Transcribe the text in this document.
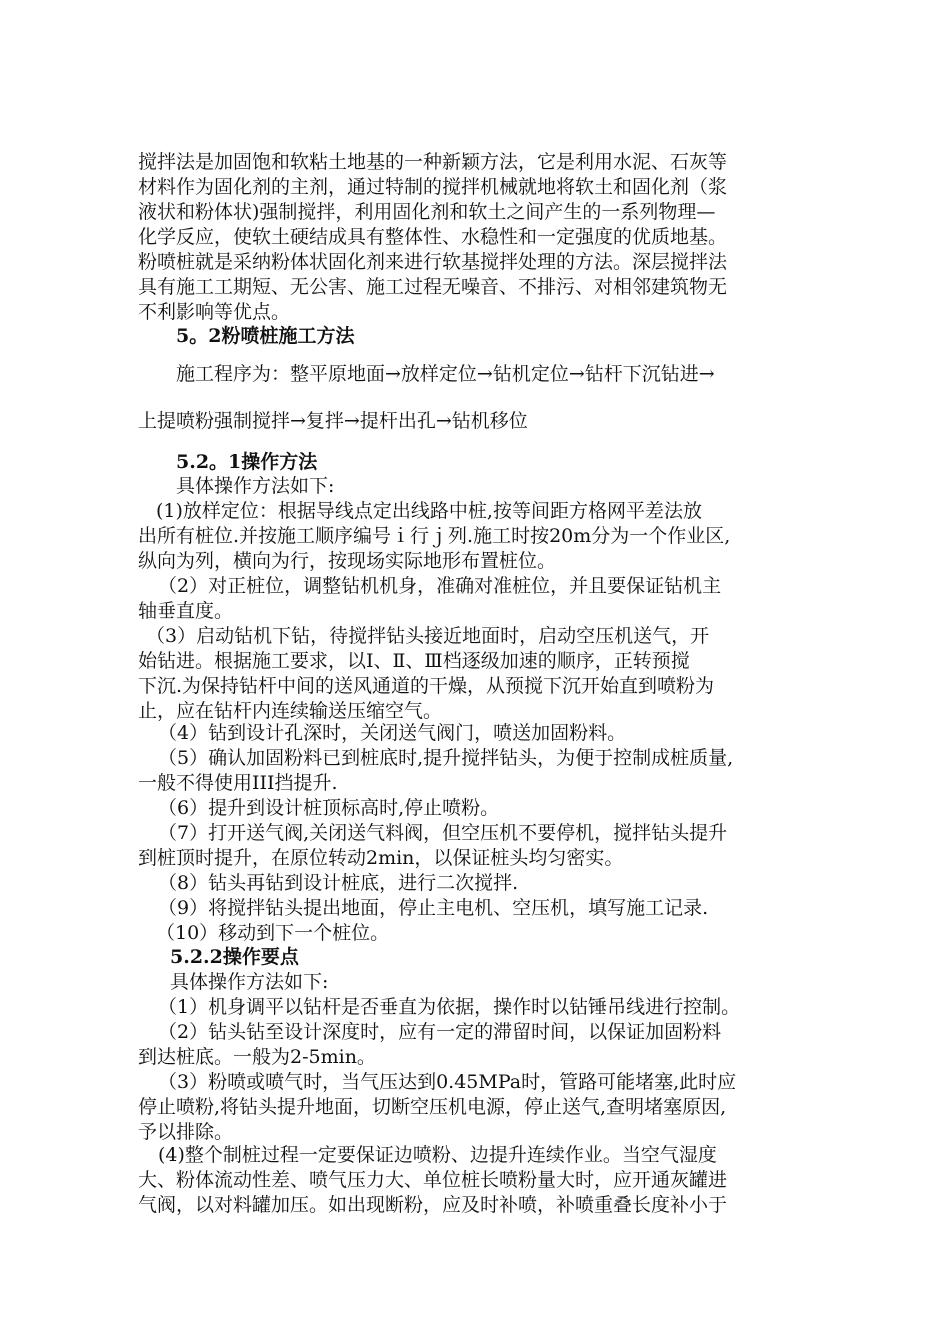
搅拌法是加固饱和软粘土地基的一种新颖方法，它是利用水泥、石灰等
材料作为固化剂的主剂，通过特制的搅拌机械就地将软土和固化剂（浆
液状和粉体状)强制搅拌，利用固化剂和软土之间产生的一系列物理—
化学反应，使软土硬结成具有整体性、水稳性和一定强度的优质地基。
粉喷桩就是采纳粉体状固化剂来进行软基搅拌处理的方法。深层搅拌法
具有施工工期短、无公害、施工过程无噪音、不排污、对相邻建筑物无
不利影响等优点。
5。2粉喷桩施工方法
施工程序为：整平原地面→放样定位→钻机定位→钻杆下沉钻进→
上提喷粉强制搅拌→复拌→提杆出孔→钻机移位
5.2。1操作方法
具体操作方法如下:
(1)放样定位：根据导线点定出线路中桩,按等间距方格网平差法放
出所有桩位.并按施工顺序编号ｉ行ｊ列.施工时按20m分为一个作业区,
纵向为列，横向为行，按现场实际地形布置桩位。
（2）对正桩位，调整钻机机身，准确对准桩位，并且要保证钻机主
轴垂直度。
（3）启动钻机下钻，待搅拌钻头接近地面时，启动空压机送气，开
始钻进。根据施工要求，以Ⅰ、Ⅱ、Ⅲ档逐级加速的顺序，正转预搅
下沉.为保持钻杆中间的送风通道的干燥，从预搅下沉开始直到喷粉为
止，应在钻杆内连续输送压缩空气。
（4）钻到设计孔深时，关闭送气阀门，喷送加固粉料。
（5）确认加固粉料已到桩底时,提升搅拌钻头，为便于控制成桩质量,
一般不得使用III挡提升.
（6）提升到设计桩顶标高时,停止喷粉。
（7）打开送气阀,关闭送气料阀，但空压机不要停机，搅拌钻头提升
到桩顶时提升，在原位转动2min，以保证桩头均匀密实。
（8）钻头再钻到设计桩底，进行二次搅拌.
（9）将搅拌钻头提出地面，停止主电机、空压机，填写施工记录.
（10）移动到下一个桩位。
5.2.2操作要点
具体操作方法如下:
（1）机身调平以钻杆是否垂直为依据，操作时以钻锤吊线进行控制。
（2）钻头钻至设计深度时，应有一定的滞留时间，以保证加固粉料
到达桩底。一般为2-5min。
（3）粉喷或喷气时，当气压达到0.45MPa时，管路可能堵塞,此时应
停止喷粉,将钻头提升地面，切断空压机电源，停止送气,查明堵塞原因,
予以排除。
(4)整个制桩过程一定要保证边喷粉、边提升连续作业。当空气湿度
大、粉体流动性差、喷气压力大、单位桩长喷粉量大时，应开通灰罐进
气阀，以对料罐加压。如出现断粉，应及时补喷，补喷重叠长度补小于
